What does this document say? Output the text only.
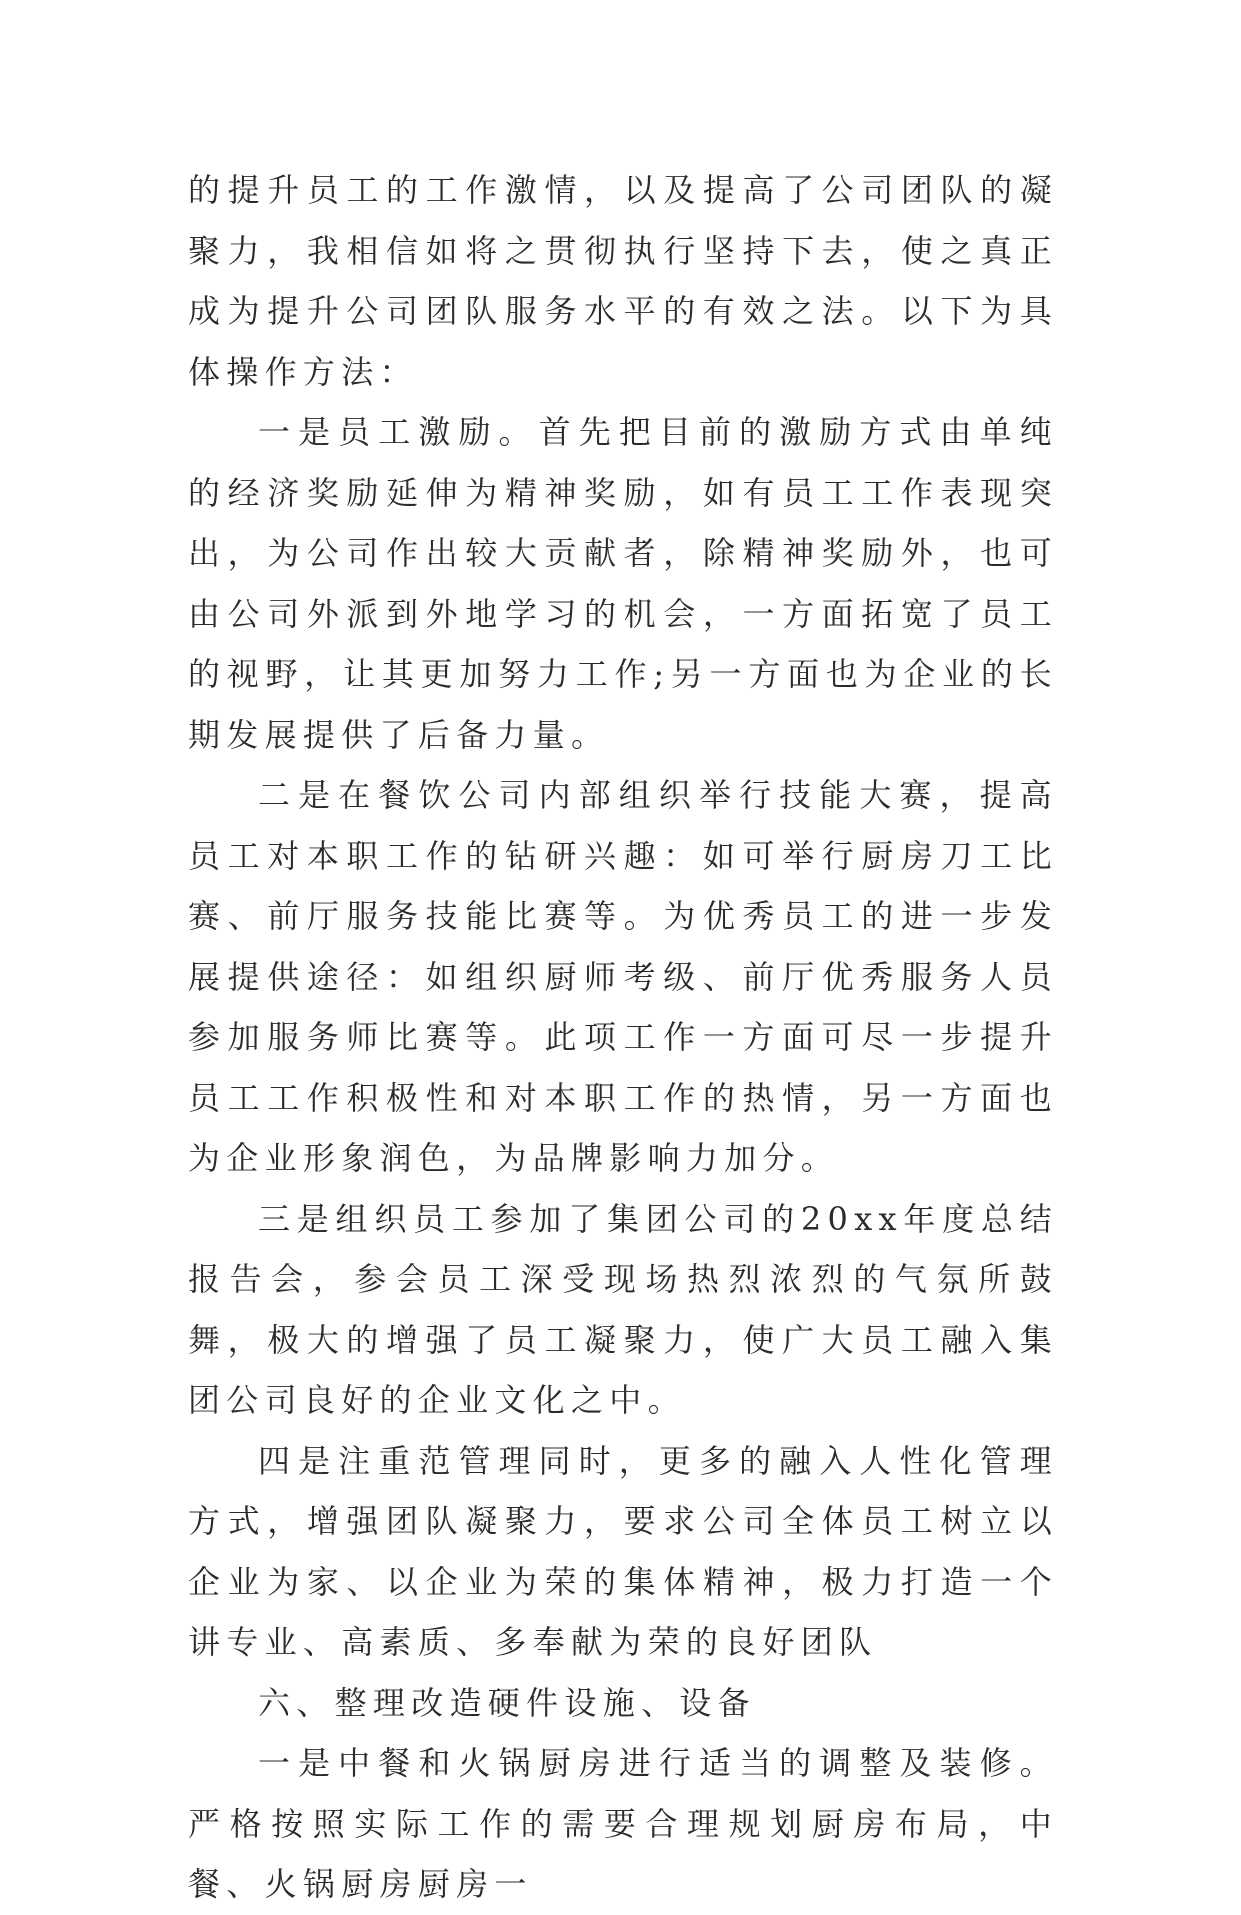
的提升员工的工作激情，以及提高了公司团队的凝聚力，我相信如将之贯彻执行坚持下去，使之真正成为提升公司团队服务水平的有效之法。以下为具体操作方法：

一是员工激励。首先把目前的激励方式由单纯的经济奖励延伸为精神奖励，如有员工工作表现突出，为公司作出较大贡献者，除精神奖励外，也可由公司外派到外地学习的机会，一方面拓宽了员工的视野，让其更加努力工作;另一方面也为企业的长期发展提供了后备力量。

二是在餐饮公司内部组织举行技能大赛，提高员工对本职工作的钻研兴趣：如可举行厨房刀工比赛、前厅服务技能比赛等。为优秀员工的进一步发展提供途径：如组织厨师考级、前厅优秀服务人员参加服务师比赛等。此项工作一方面可尽一步提升员工工作积极性和对本职工作的热情，另一方面也为企业形象润色，为品牌影响力加分。

三是组织员工参加了集团公司的20xx年度总结报告会，参会员工深受现场热烈浓烈的气氛所鼓舞，极大的增强了员工凝聚力，使广大员工融入集团公司良好的企业文化之中。

四是注重范管理同时，更多的融入人性化管理方式，增强团队凝聚力，要求公司全体员工树立以企业为家、以企业为荣的集体精神，极力打造一个讲专业、高素质、多奉献为荣的良好团队

六、整理改造硬件设施、设备

一是中餐和火锅厨房进行适当的调整及装修。严格按照实际工作的需要合理规划厨房布局，中餐、火锅厨房厨房一
